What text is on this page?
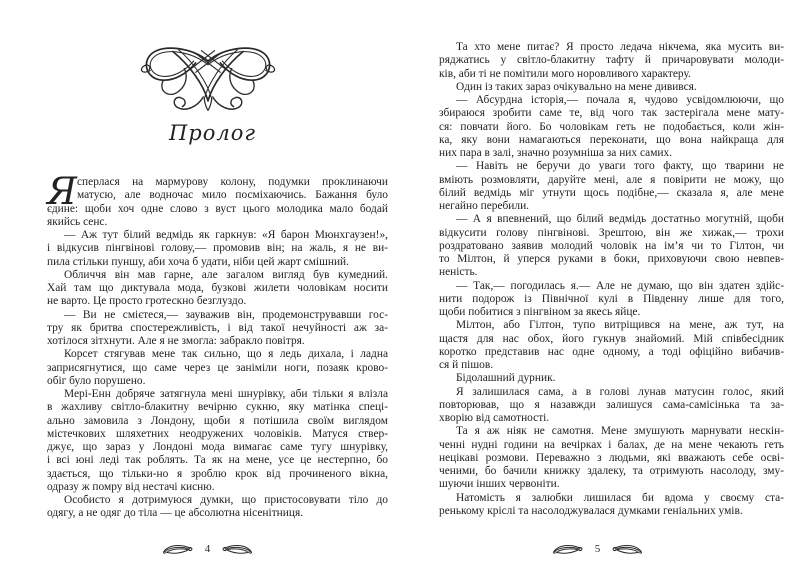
Пролог
Я сперлася на мармурову колону, подумки проклинаючи
матусю, але водночас мило посміхаючись. Бажання було
єдине: щоби хоч одне слово з вуст цього молодика мало бодай
якийсь сенс.
— Аж тут білий ведмідь як гаркнув: «Я барон Мюнхгаузен!»,
і відкусив пінгвінові голову,— промовив він; на жаль, я не ви-
пила стільки пуншу, аби хоча б удати, ніби цей жарт смішний.
Обличчя він мав гарне, але загалом вигляд був кумедний.
Хай там що диктувала мода, бузкові жилети чоловікам носити
не варто. Це просто гротескно безглуздо.
— Ви не смієтеся,— зауважив він, продемонструвавши гос-
тру як бритва спостережливість, і від такої нечуйності аж за-
хотілося зітхнути. Але я не змогла: забракло повітря.
Корсет стягував мене так сильно, що я ледь дихала, і ладна
заприсягнутися, що саме через це заніміли ноги, позаяк крово-
обіг було порушено.
Мері-Енн добряче затягнула мені шнурівку, аби тільки я влізла
в жахливу світло-блакитну вечірню сукню, яку матінка спеці-
ально замовила з Лондону, щоби я потішила своїм виглядом
містечкових шляхетних неодружених чоловіків. Матуся ствер-
джує, що зараз у Лондоні мода вимагає саме тугу шнурівку,
і всі юні леді так роблять. Та як на мене, усе це нестерпно, бо
здається, що тільки-но я зроблю крок від прочиненого вікна,
одразу ж помру від нестачі кисню.
Особисто я дотримуюся думки, що пристосовувати тіло до
одягу, а не одяг до тіла — це абсолютна нісенітниця.
4
Та хто мене питає? Я просто ледача нікчема, яка мусить ви-
ряджатись у світло-блакитну тафту й причаровувати молоди-
ків, аби ті не помітили мого норовливого характеру.
Один із таких зараз очікувально на мене дивився.
— Абсурдна історія,— почала я, чудово усвідомлюючи, що
збираюся зробити саме те, від чого так застерігала мене мату-
ся: повчати його. Бо чоловікам геть не подобається, коли жін-
ка, яку вони намагаються переконати, що вона найкраща для
них пара в залі, значно розумніша за них самих.
— Навіть не беручи до уваги того факту, що тварини не
вміють розмовляти, даруйте мені, але я повірити не можу, що
білий ведмідь міг утнути щось подібне,— сказала я, але мене
негайно перебили.
— А я впевнений, що білий ведмідь достатньо могутній, щоби
відкусити голову пінгвінові. Зрештою, він же хижак,— трохи
роздратовано заявив молодий чоловік на ім’я чи то Гілтон, чи
то Мілтон, й уперся руками в боки, приховуючи свою невпев-
неність.
— Так,— погодилась я.— Але не думаю, що він здатен здійс-
нити подорож із Північної кулі в Південну лише для того,
щоби побитися з пінгвіном за якесь яйце.
Мілтон, або Гілтон, тупо витріщився на мене, аж тут, на
щастя для нас обох, його гукнув знайомий. Мій співбесідник
коротко представив нас одне одному, а тоді офіційно вибачив-
ся й пішов.
Бідолашний дурник.
Я залишилася сама, а в голові лунав матусин голос, який
повторював, що я назавжди залишуся сама-самісінька та за-
хворію від самотності.
Та я аж ніяк не самотня. Мене змушують марнувати нескін-
ченні нудні години на вечірках і балах, де на мене чекають геть
нецікаві розмови. Переважно з людьми, які вважають себе осві-
ченими, бо бачили книжку здалеку, та отримують насолоду, зму-
шуючи інших червоніти.
Натомість я залюбки лишилася би вдома у своєму ста-
ренькому кріслі та насолоджувалася думками геніальних умів.
5
